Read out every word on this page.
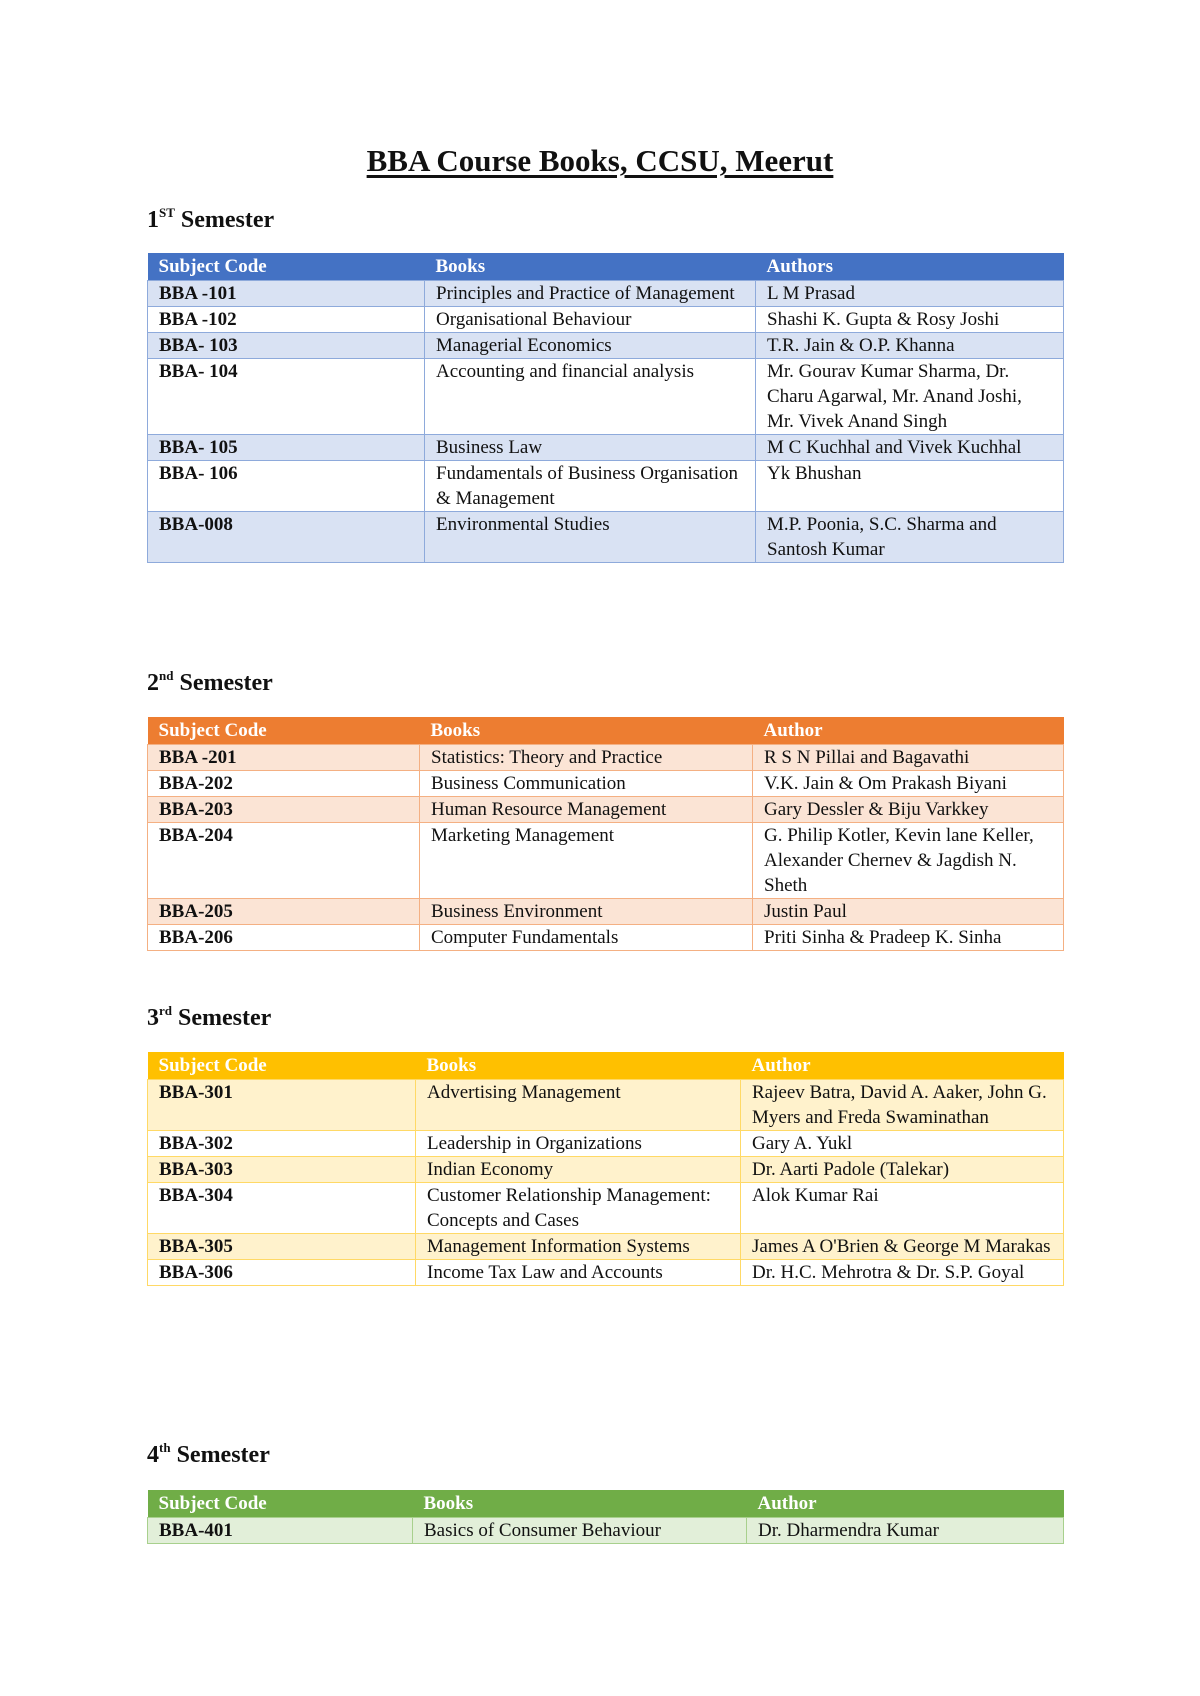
BBA Course Books, CCSU, Meerut
1ST Semester
Subject Code	Books	Authors
BBA -101	Principles and Practice of Management	L M Prasad
BBA -102	Organisational Behaviour	Shashi K. Gupta & Rosy Joshi
BBA- 103	Managerial Economics	T.R. Jain & O.P. Khanna
BBA- 104	Accounting and financial analysis	Mr. Gourav Kumar Sharma, Dr. Charu Agarwal, Mr. Anand Joshi, Mr. Vivek Anand Singh
BBA- 105	Business Law	M C Kuchhal and Vivek Kuchhal
BBA- 106	Fundamentals of Business Organisation & Management	Yk Bhushan
BBA-008	Environmental Studies	M.P. Poonia, S.C. Sharma and Santosh Kumar
2nd Semester
Subject Code	Books	Author
BBA -201	Statistics: Theory and Practice	R S N Pillai and Bagavathi
BBA-202	Business Communication	V.K. Jain & Om Prakash Biyani
BBA-203	Human Resource Management	Gary Dessler & Biju Varkkey
BBA-204	Marketing Management	G. Philip Kotler, Kevin lane Keller, Alexander Chernev & Jagdish N. Sheth
BBA-205	Business Environment	Justin Paul
BBA-206	Computer Fundamentals	Priti Sinha & Pradeep K. Sinha
3rd Semester
Subject Code	Books	Author
BBA-301	Advertising Management	Rajeev Batra, David A. Aaker, John G. Myers and Freda Swaminathan
BBA-302	Leadership in Organizations	Gary A. Yukl
BBA-303	Indian Economy	Dr. Aarti Padole (Talekar)
BBA-304	Customer Relationship Management: Concepts and Cases	Alok Kumar Rai
BBA-305	Management Information Systems	James A O'Brien & George M Marakas
BBA-306	Income Tax Law and Accounts	Dr. H.C. Mehrotra & Dr. S.P. Goyal
4th Semester
Subject Code	Books	Author
BBA-401	Basics of Consumer Behaviour	Dr. Dharmendra Kumar
